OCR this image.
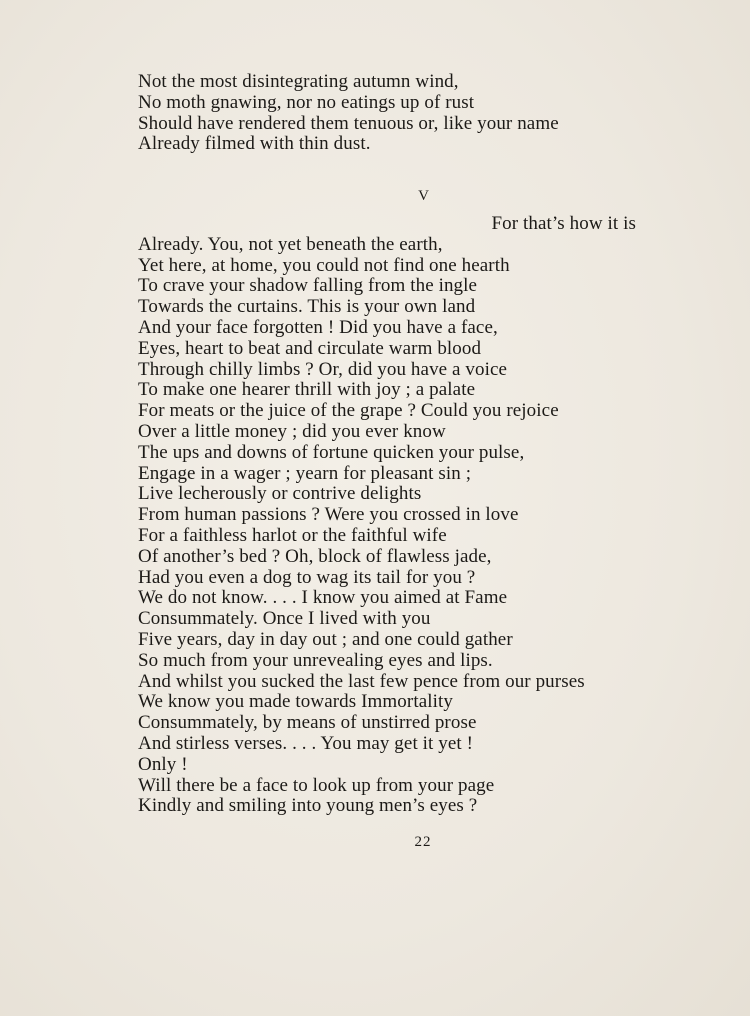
Not the most disintegrating autumn wind,
No moth gnawing, nor no eatings up of rust
Should have rendered them tenuous or, like your name
Already filmed with thin dust.
V
For that’s how it is
Already. You, not yet beneath the earth,
Yet here, at home, you could not find one hearth
To crave your shadow falling from the ingle
Towards the curtains. This is your own land
And your face forgotten ! Did you have a face,
Eyes, heart to beat and circulate warm blood
Through chilly limbs ? Or, did you have a voice
To make one hearer thrill with joy ; a palate
For meats or the juice of the grape ? Could you rejoice
Over a little money ; did you ever know
The ups and downs of fortune quicken your pulse,
Engage in a wager ; yearn for pleasant sin ;
Live lecherously or contrive delights
From human passions ? Were you crossed in love
For a faithless harlot or the faithful wife
Of another’s bed ? Oh, block of flawless jade,
Had you even a dog to wag its tail for you ?
We do not know. . . . I know you aimed at Fame
Consummately. Once I lived with you
Five years, day in day out ; and one could gather
So much from your unrevealing eyes and lips.
And whilst you sucked the last few pence from our purses
We know you made towards Immortality
Consummately, by means of unstirred prose
And stirless verses. . . . You may get it yet !
Only !
Will there be a face to look up from your page
Kindly and smiling into young men’s eyes ?
22
